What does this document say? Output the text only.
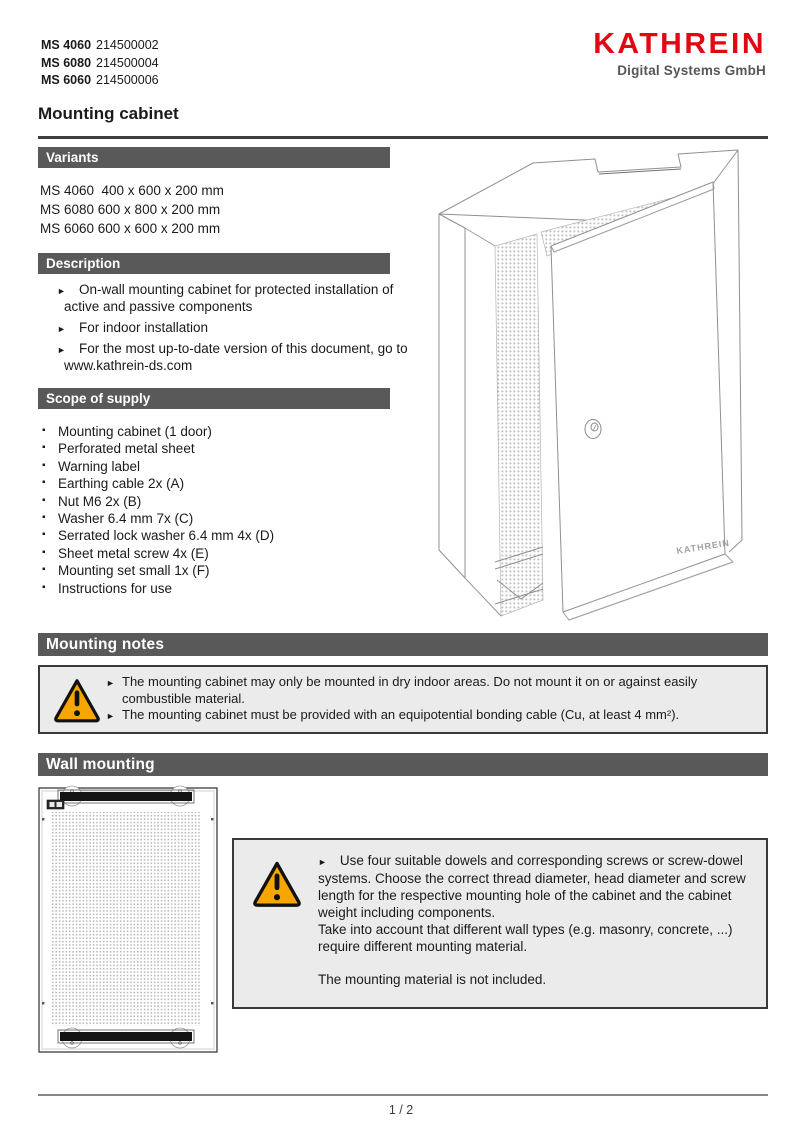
MS 4060 214500002
MS 6080 214500004
MS 6060 214500006
KATHREIN
Digital Systems GmbH
Mounting cabinet
Variants
MS 4060  400 x 600 x 200 mm
MS 6080 600 x 800 x 200 mm
MS 6060 600 x 600 x 200 mm
Description
► On-wall mounting cabinet for protected installation of active and passive components
► For indoor installation
► For the most up-to-date version of this document, go to www.kathrein-ds.com
Scope of supply
▪ Mounting cabinet (1 door)
▪ Perforated metal sheet
▪ Warning label
▪ Earthing cable 2x (A)
▪ Nut M6 2x (B)
▪ Washer 6.4 mm 7x (C)
▪ Serrated lock washer 6.4 mm 4x (D)
▪ Sheet metal screw 4x (E)
▪ Mounting set small 1x (F)
▪ Instructions for use
KATHREIN
Mounting notes
► The mounting cabinet may only be mounted in dry indoor areas. Do not mount it on or against easily combustible material.
► The mounting cabinet must be provided with an equipotential bonding cable (Cu, at least 4 mm²).
Wall mounting

► Use four suitable dowels and corresponding screws or screw-dowel systems. Choose the correct thread diameter, head diameter and screw length for the respective mounting hole of the cabinet and the cabinet weight including components.

Take into account that different wall types (e.g. masonry, concrete, ...) require different mounting material.

The mounting material is not included.

1 / 2
